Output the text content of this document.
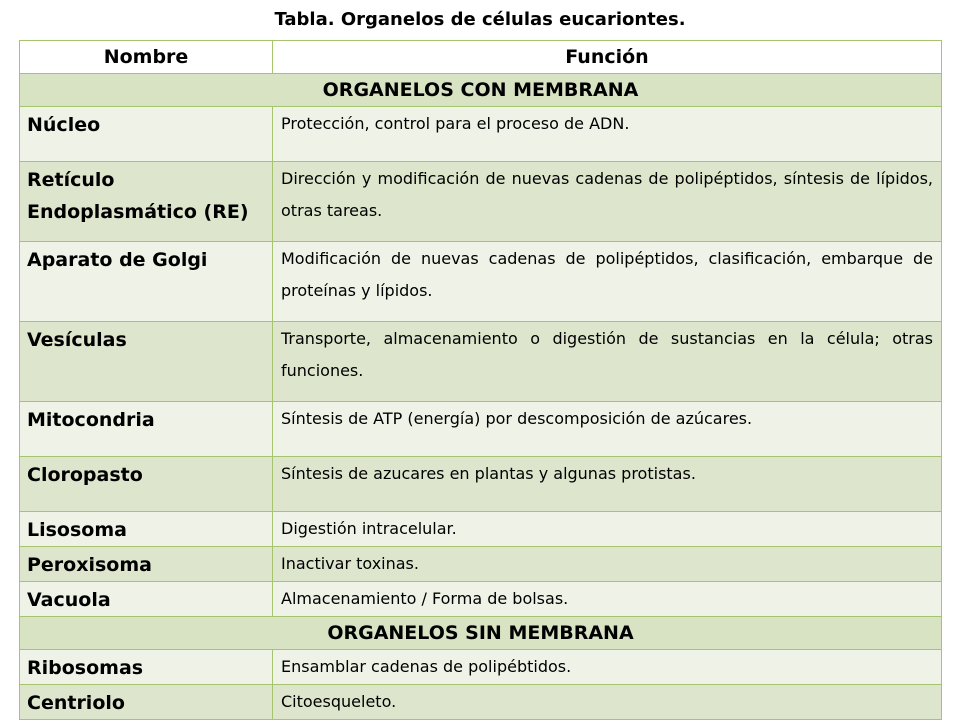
Tabla. Organelos de células eucariontes.
Nombre	Función
ORGANELOS CON MEMBRANA	
Núcleo	Protección, control para el proceso de ADN.
Retículo Endoplasmático (RE)	Dirección y modificación de nuevas cadenas de polipéptidos, síntesis de lípidos, otras tareas.
Aparato de Golgi	Modificación de nuevas cadenas de polipéptidos, clasificación, embarque de proteínas y lípidos.
Vesículas	Transporte, almacenamiento o digestión de sustancias en la célula; otras funciones.
Mitocondria	Síntesis de ATP (energía) por descomposición de azúcares.
Cloropasto	Síntesis de azucares en plantas y algunas protistas.
Lisosoma	Digestión intracelular.
Peroxisoma	Inactivar toxinas.
Vacuola	Almacenamiento / Forma de bolsas.
ORGANELOS SIN MEMBRANA	
Ribosomas	Ensamblar cadenas de polipébtidos.
Centriolo	Citoesqueleto.
